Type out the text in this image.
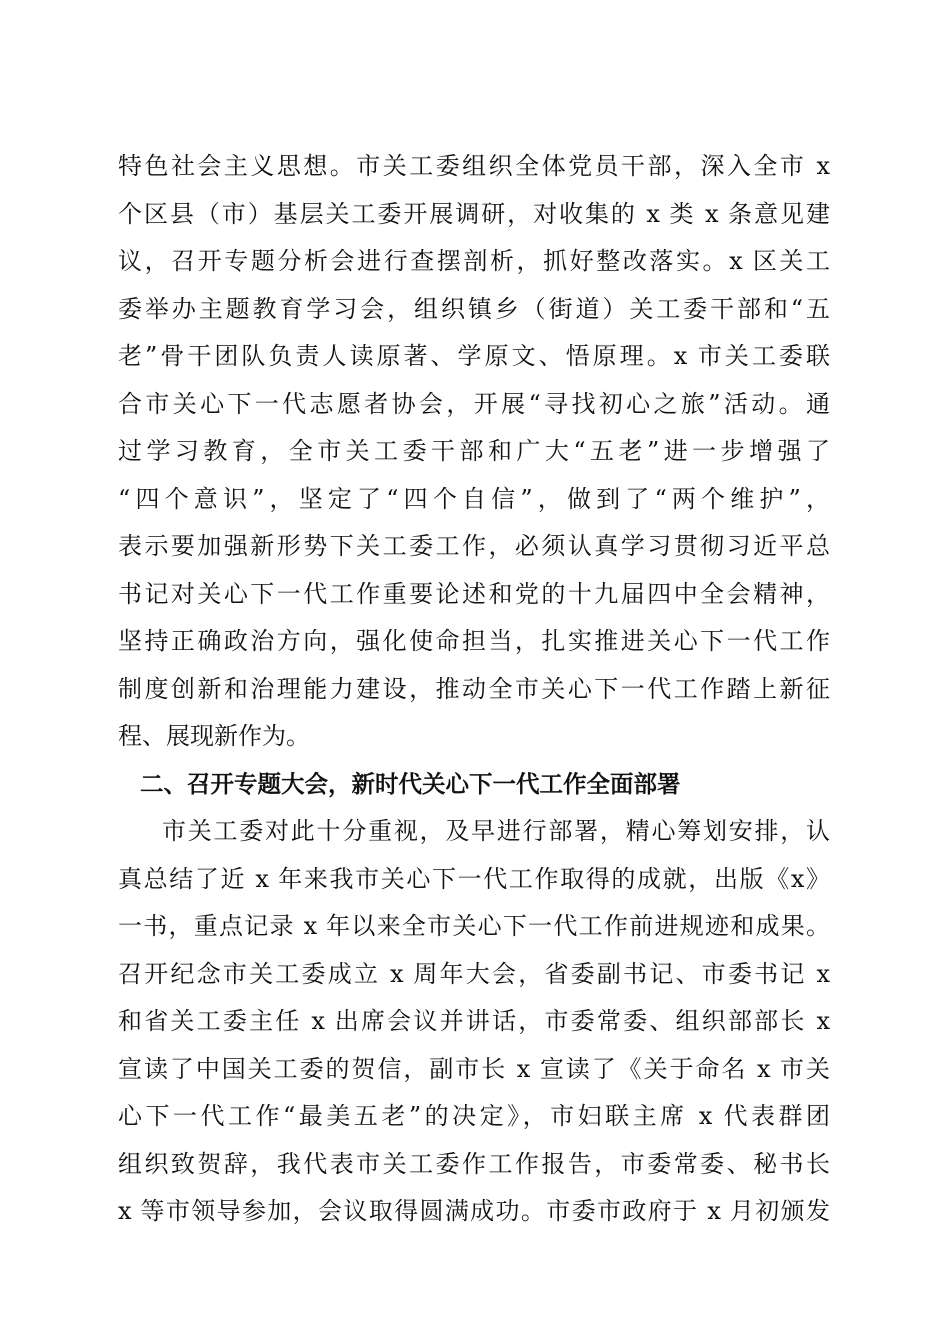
特色社会主义思想。市关工委组织全体党员干部，深入全市 x
个区县（市）基层关工委开展调研，对收集的 x 类 x 条意见建
议，召开专题分析会进行查摆剖析，抓好整改落实。x 区关工
委举办主题教育学习会，组织镇乡（街道）关工委干部和“五
老”骨干团队负责人读原著、学原文、悟原理。x 市关工委联
合市关心下一代志愿者协会，开展“寻找初心之旅”活动。通
过学习教育，全市关工委干部和广大“五老”进一步增强了
“四个意识”，坚定了“四个自信”，做到了“两个维护”，
表示要加强新形势下关工委工作，必须认真学习贯彻习近平总
书记对关心下一代工作重要论述和党的十九届四中全会精神，
坚持正确政治方向，强化使命担当，扎实推进关心下一代工作
制度创新和治理能力建设，推动全市关心下一代工作踏上新征
程、展现新作为。
二、召开专题大会，新时代关心下一代工作全面部署
市关工委对此十分重视，及早进行部署，精心筹划安排，认
真总结了近 x 年来我市关心下一代工作取得的成就，出版《x》
一书，重点记录 x 年以来全市关心下一代工作前进规迹和成果。
召开纪念市关工委成立 x 周年大会，省委副书记、市委书记 x
和省关工委主任 x 出席会议并讲话，市委常委、组织部部长 x
宣读了中国关工委的贺信，副市长 x 宣读了《关于命名 x 市关
心下一代工作“最美五老”的决定》，市妇联主席 x 代表群团
组织致贺辞，我代表市关工委作工作报告，市委常委、秘书长
x 等市领导参加，会议取得圆满成功。市委市政府于 x 月初颁发
